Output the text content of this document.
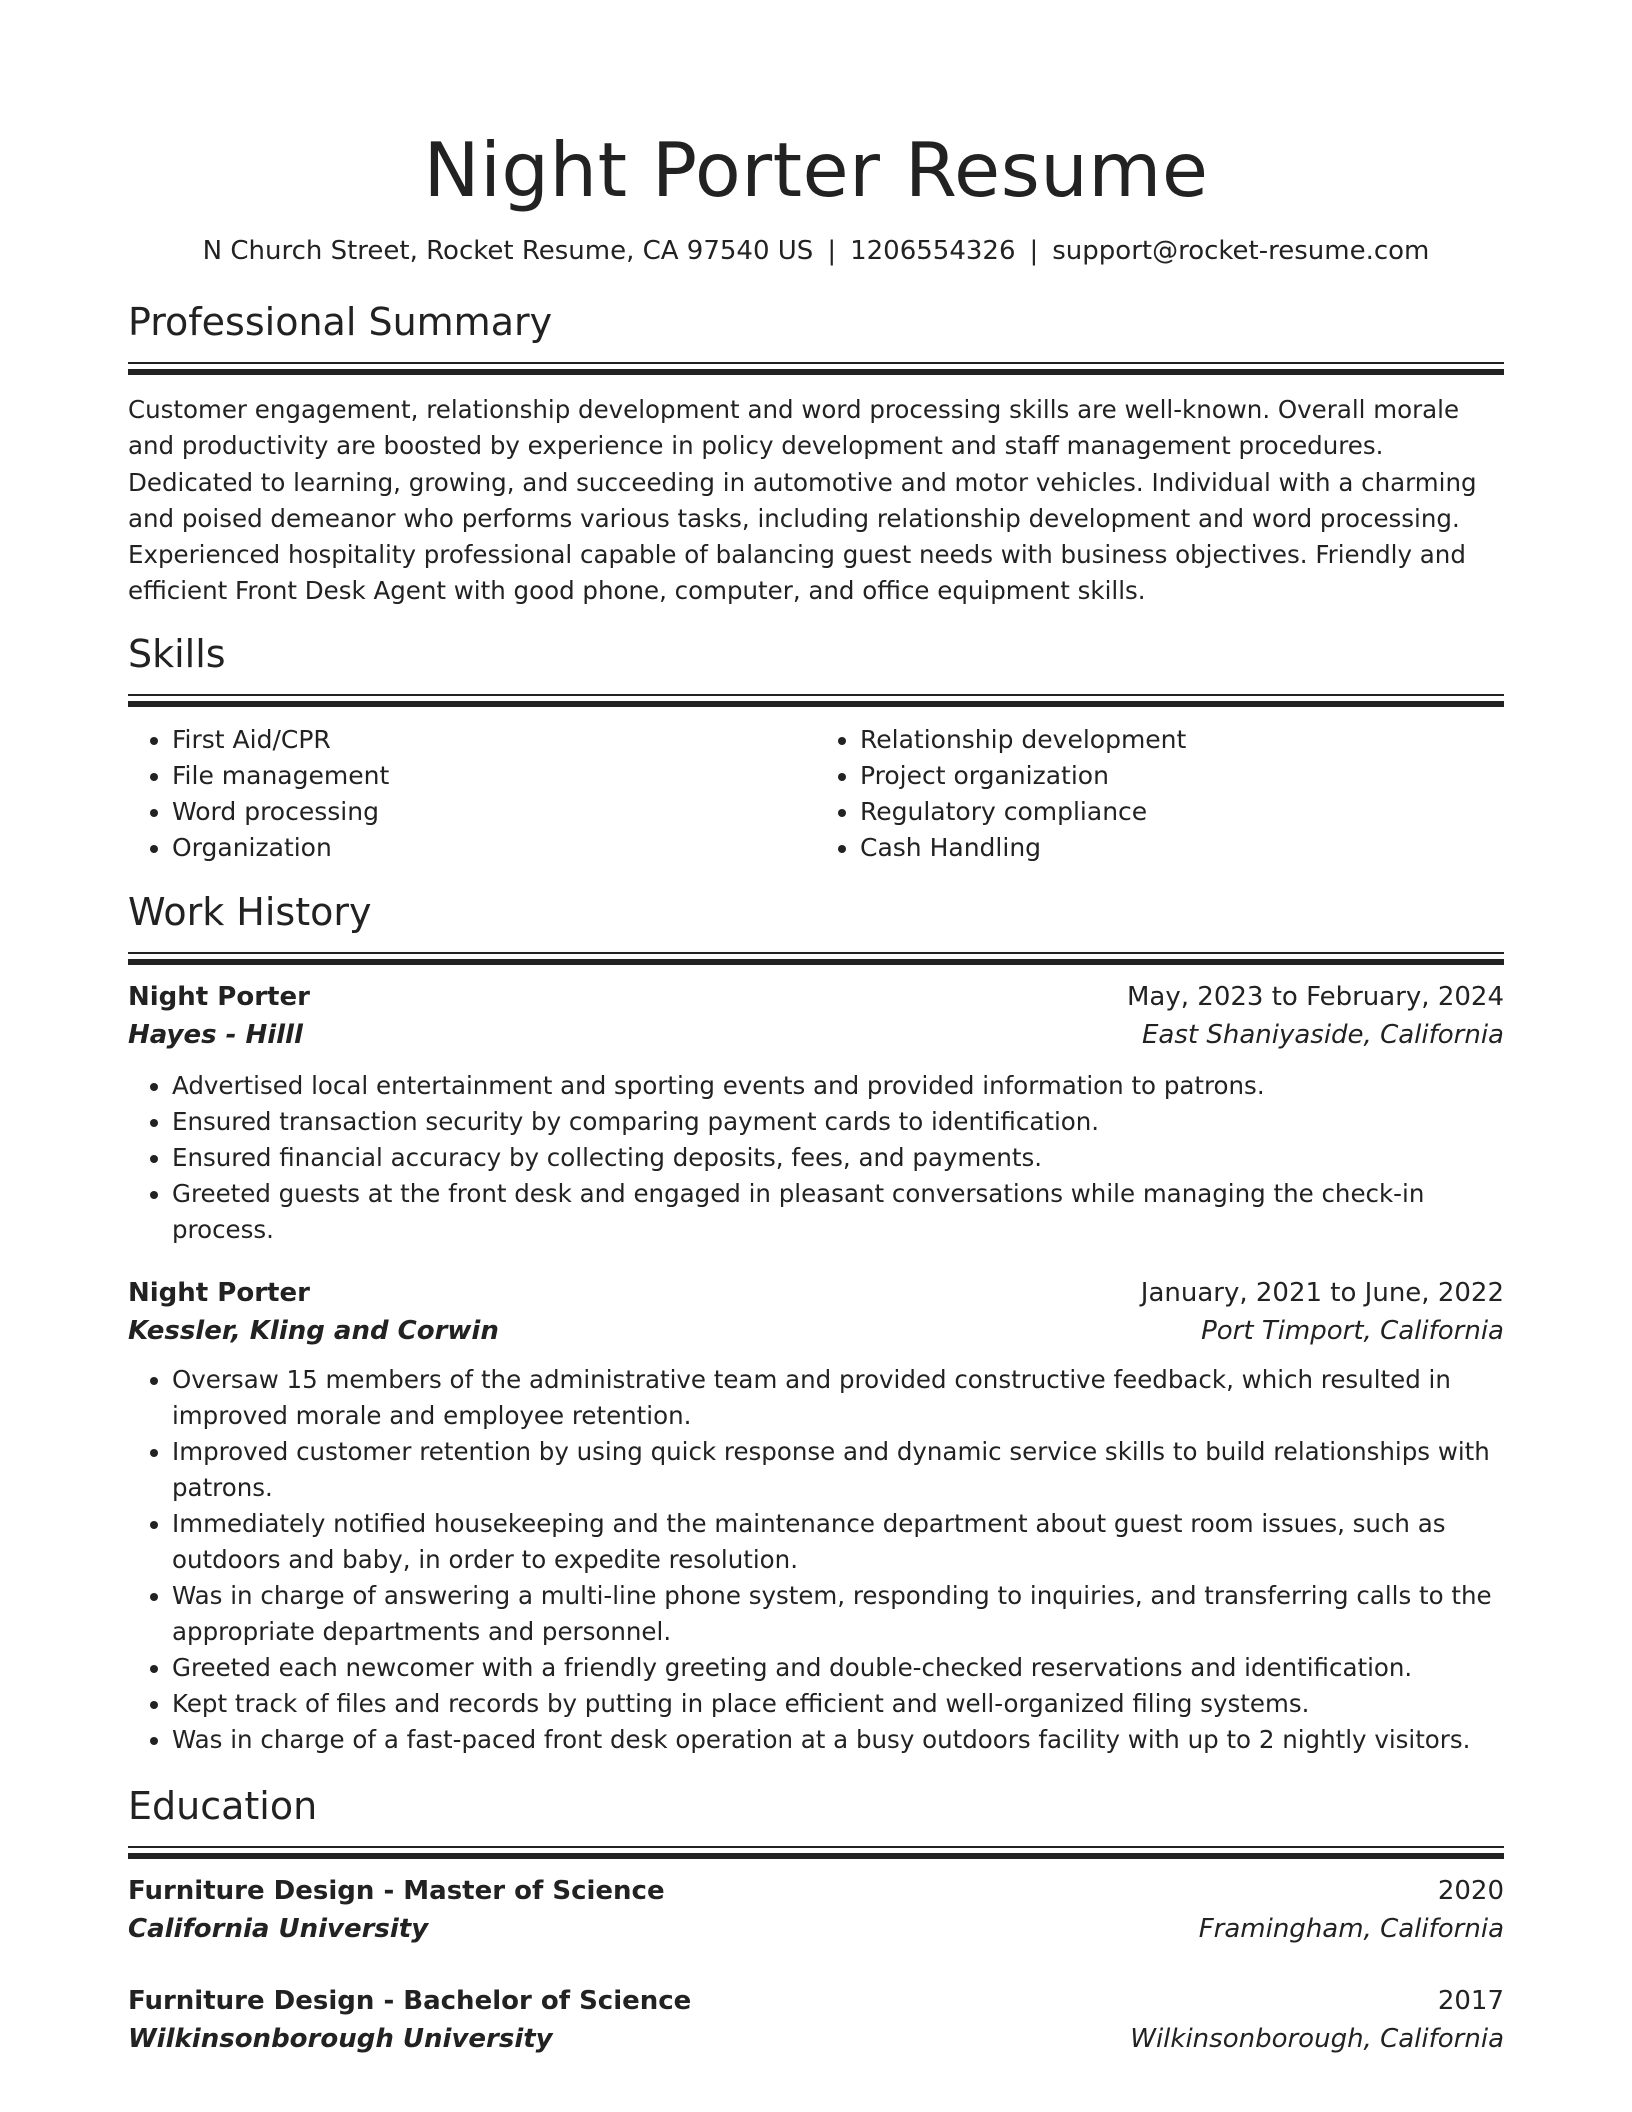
Night Porter Resume
N Church Street, Rocket Resume, CA 97540 US | 1206554326 | support@rocket-resume.com
Professional Summary

Customer engagement, relationship development and word processing skills are well-known. Overall morale and productivity are boosted by experience in policy development and staff management procedures. Dedicated to learning, growing, and succeeding in automotive and motor vehicles. Individual with a charming and poised demeanor who performs various tasks, including relationship development and word processing. Experienced hospitality professional capable of balancing guest needs with business objectives. Friendly and efficient Front Desk Agent with good phone, computer, and office equipment skills.

Skills
• First Aid/CPR
• File management
• Word processing
• Organization
• Relationship development
• Project organization
• Regulatory compliance
• Cash Handling
Work History
Night Porter	May, 2023 to February, 2024
Hayes - Hilll	East Shaniyaside, California
• Advertised local entertainment and sporting events and provided information to patrons.
• Ensured transaction security by comparing payment cards to identification.
• Ensured financial accuracy by collecting deposits, fees, and payments.
• Greeted guests at the front desk and engaged in pleasant conversations while managing the check-in process.
Night Porter	January, 2021 to June, 2022
Kessler, Kling and Corwin	Port Timport, California
• Oversaw 15 members of the administrative team and provided constructive feedback, which resulted in improved morale and employee retention.
• Improved customer retention by using quick response and dynamic service skills to build relationships with patrons.
• Immediately notified housekeeping and the maintenance department about guest room issues, such as outdoors and baby, in order to expedite resolution.
• Was in charge of answering a multi-line phone system, responding to inquiries, and transferring calls to the appropriate departments and personnel.
• Greeted each newcomer with a friendly greeting and double-checked reservations and identification.
• Kept track of files and records by putting in place efficient and well-organized filing systems.
• Was in charge of a fast-paced front desk operation at a busy outdoors facility with up to 2 nightly visitors.
Education
Furniture Design - Master of Science	2020
California University	Framingham, California
Furniture Design - Bachelor of Science	2017
Wilkinsonborough University	Wilkinsonborough, California
